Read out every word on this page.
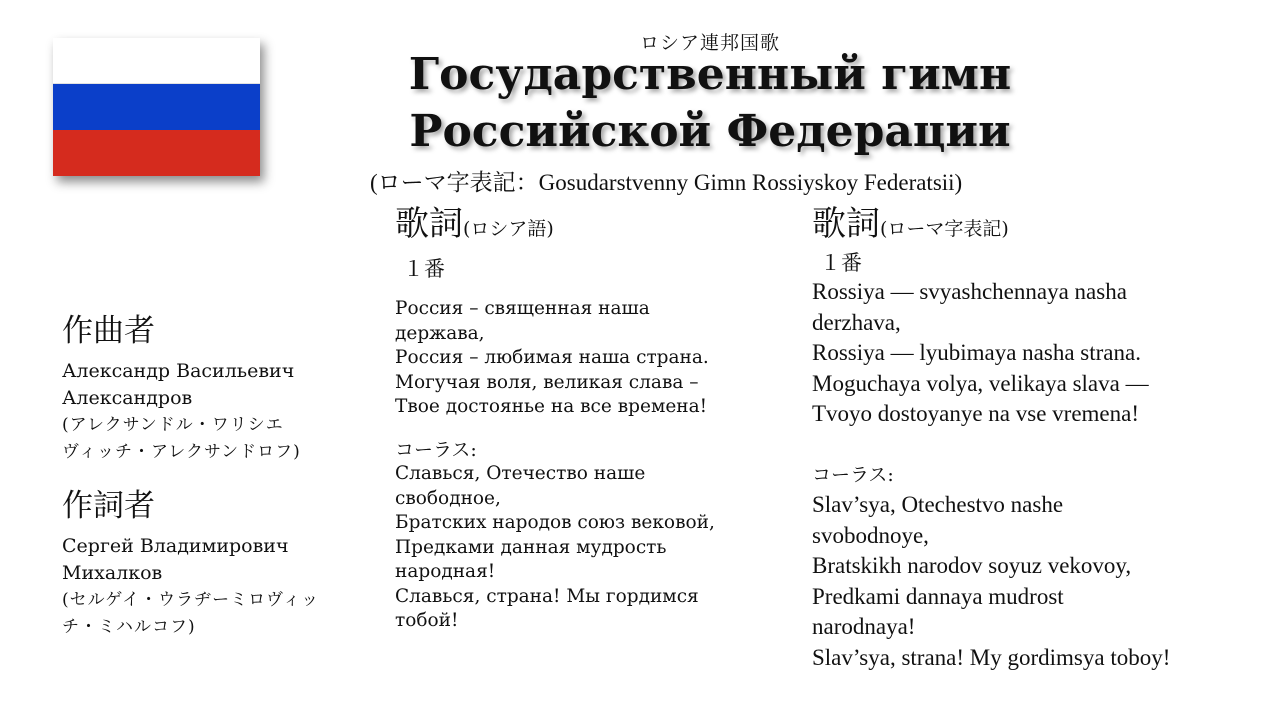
ロシア連邦国歌
Государственный гимн
Российской Федерации
(ローマ字表記：Gosudarstvenny Gimn Rossiyskoy Federatsii)
作曲者
Александр Васильевич
Александров
(アレクサンドル・ワリシエ
ヴィッチ・アレクサンドロフ)
作詞者
Сергей Владимирович
Михалков
(セルゲイ・ウラヂーミロヴィッ
チ・ミハルコフ)
歌詞(ロシア語)
１番
Россия – священная наша
держава,
Россия – любимая наша страна.
Могучая воля, великая слава –
Твое достоянье на все времена!
コーラス:
Славься, Отечество наше
свободное,
Братских народов союз вековой,
Предками данная мудрость
народная!
Славься, страна! Мы гордимся
тобой!
歌詞(ローマ字表記)
１番
Rossiya — svyashchennaya nasha
derzhava,
Rossiya — lyubimaya nasha strana.
Moguchaya volya, velikaya slava —
Tvoyo dostoyanye na vse vremena!
コーラス:
Slav’sya, Otechestvo nashe
svobodnoye,
Bratskikh narodov soyuz vekovoy,
Predkami dannaya mudrost
narodnaya!
Slav’sya, strana! My gordimsya toboy!
